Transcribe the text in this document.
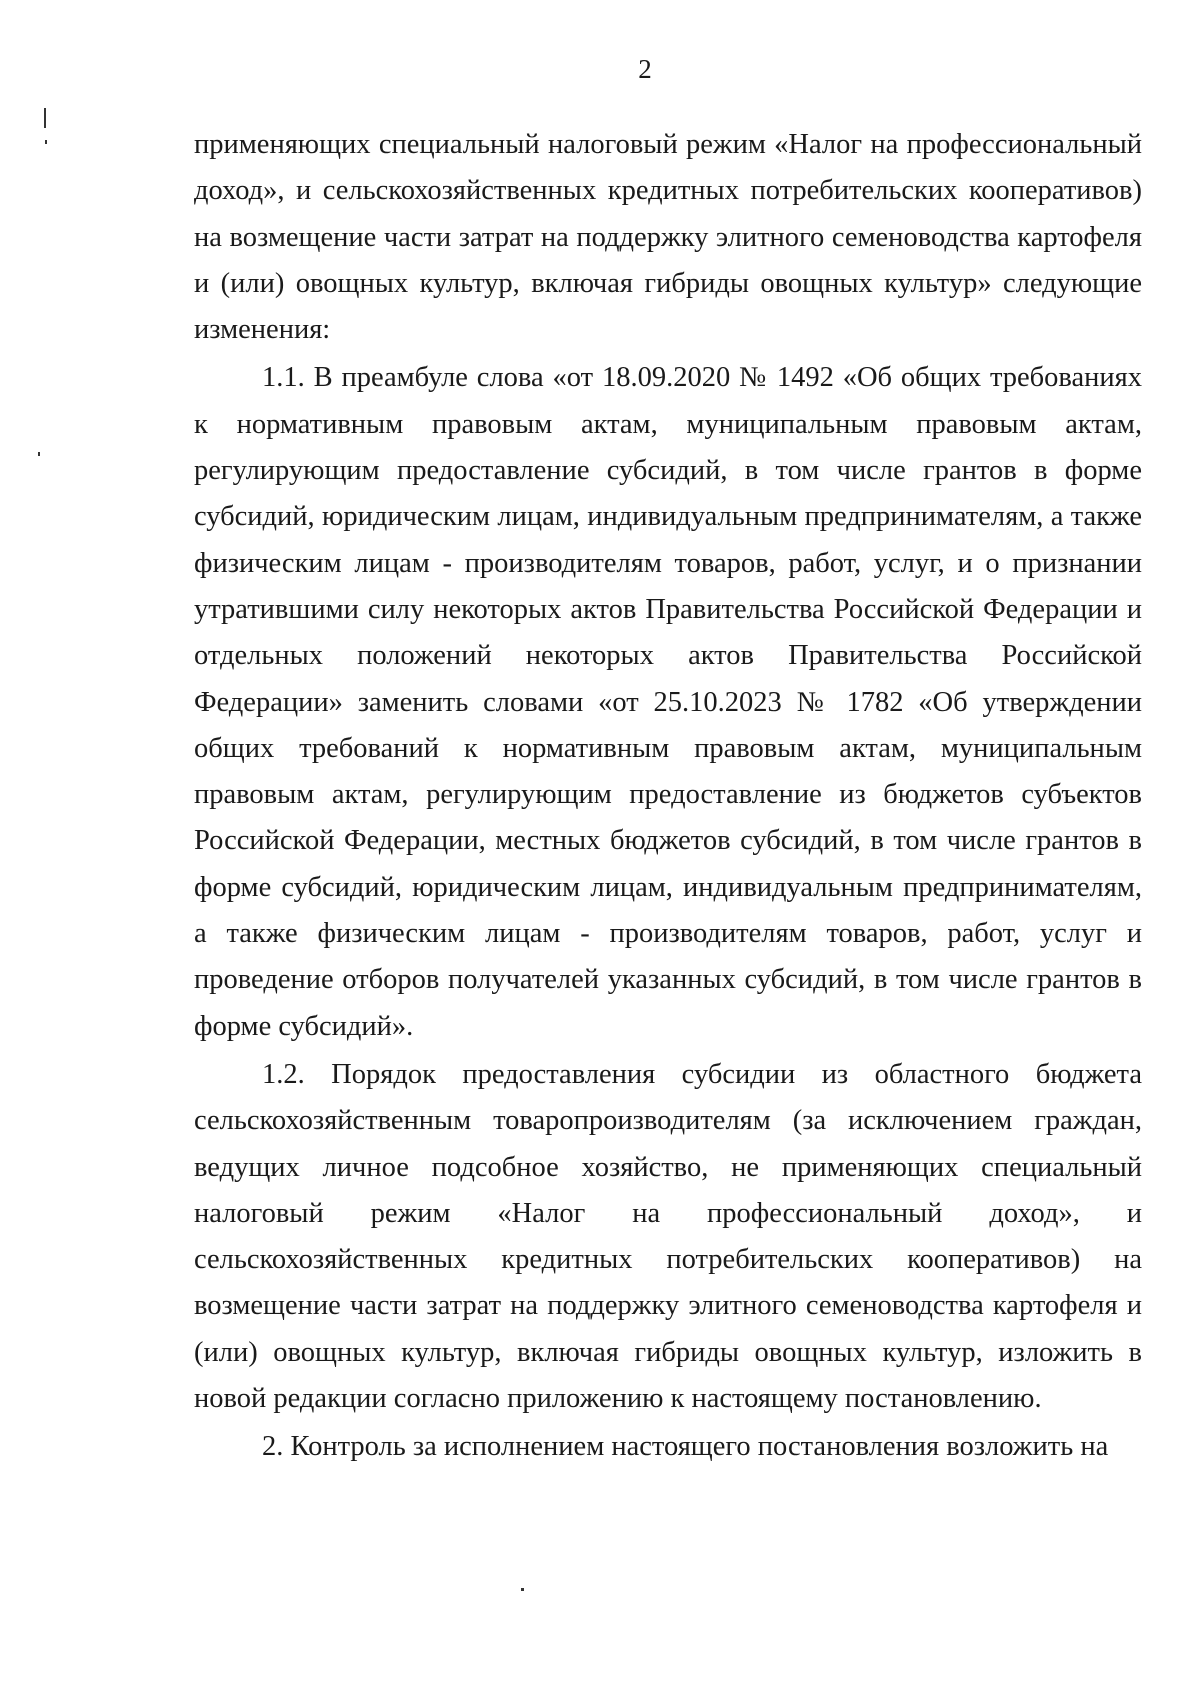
2

применяющих специальный налоговый режим «Налог на профессиональный доход», и сельскохозяйственных кредитных потребительских кооперативов) на возмещение части затрат на поддержку элитного семеноводства картофеля и (или) овощных культур, включая гибриды овощных культур» следующие изменения:

1.1. В преамбуле слова «от 18.09.2020 № 1492 «Об общих требованиях к нормативным правовым актам, муниципальным правовым актам, регулирующим предоставление субсидий, в том числе грантов в форме субсидий, юридическим лицам, индивидуальным предпринимателям, а также физическим лицам - производителям товаров, работ, услуг, и о признании утратившими силу некоторых актов Правительства Российской Федерации и отдельных положений некоторых актов Правительства Российской Федерации» заменить словами «от 25.10.2023 № 1782 «Об утверждении общих требований к нормативным правовым актам, муниципальным правовым актам, регулирующим предоставление из бюджетов субъектов Российской Федерации, местных бюджетов субсидий, в том числе грантов в форме субсидий, юридическим лицам, индивидуальным предпринимателям, а также физическим лицам - производителям товаров, работ, услуг и проведение отборов получателей указанных субсидий, в том числе грантов в форме субсидий».

1.2. Порядок предоставления субсидии из областного бюджета сельскохозяйственным товаропроизводителям (за исключением граждан, ведущих личное подсобное хозяйство, не применяющих специальный налоговый режим «Налог на профессиональный доход», и сельскохозяйственных кредитных потребительских кооперативов) на возмещение части затрат на поддержку элитного семеноводства картофеля и (или) овощных культур, включая гибриды овощных культур, изложить в новой редакции согласно приложению к настоящему постановлению.

2. Контроль за исполнением настоящего постановления возложить на
